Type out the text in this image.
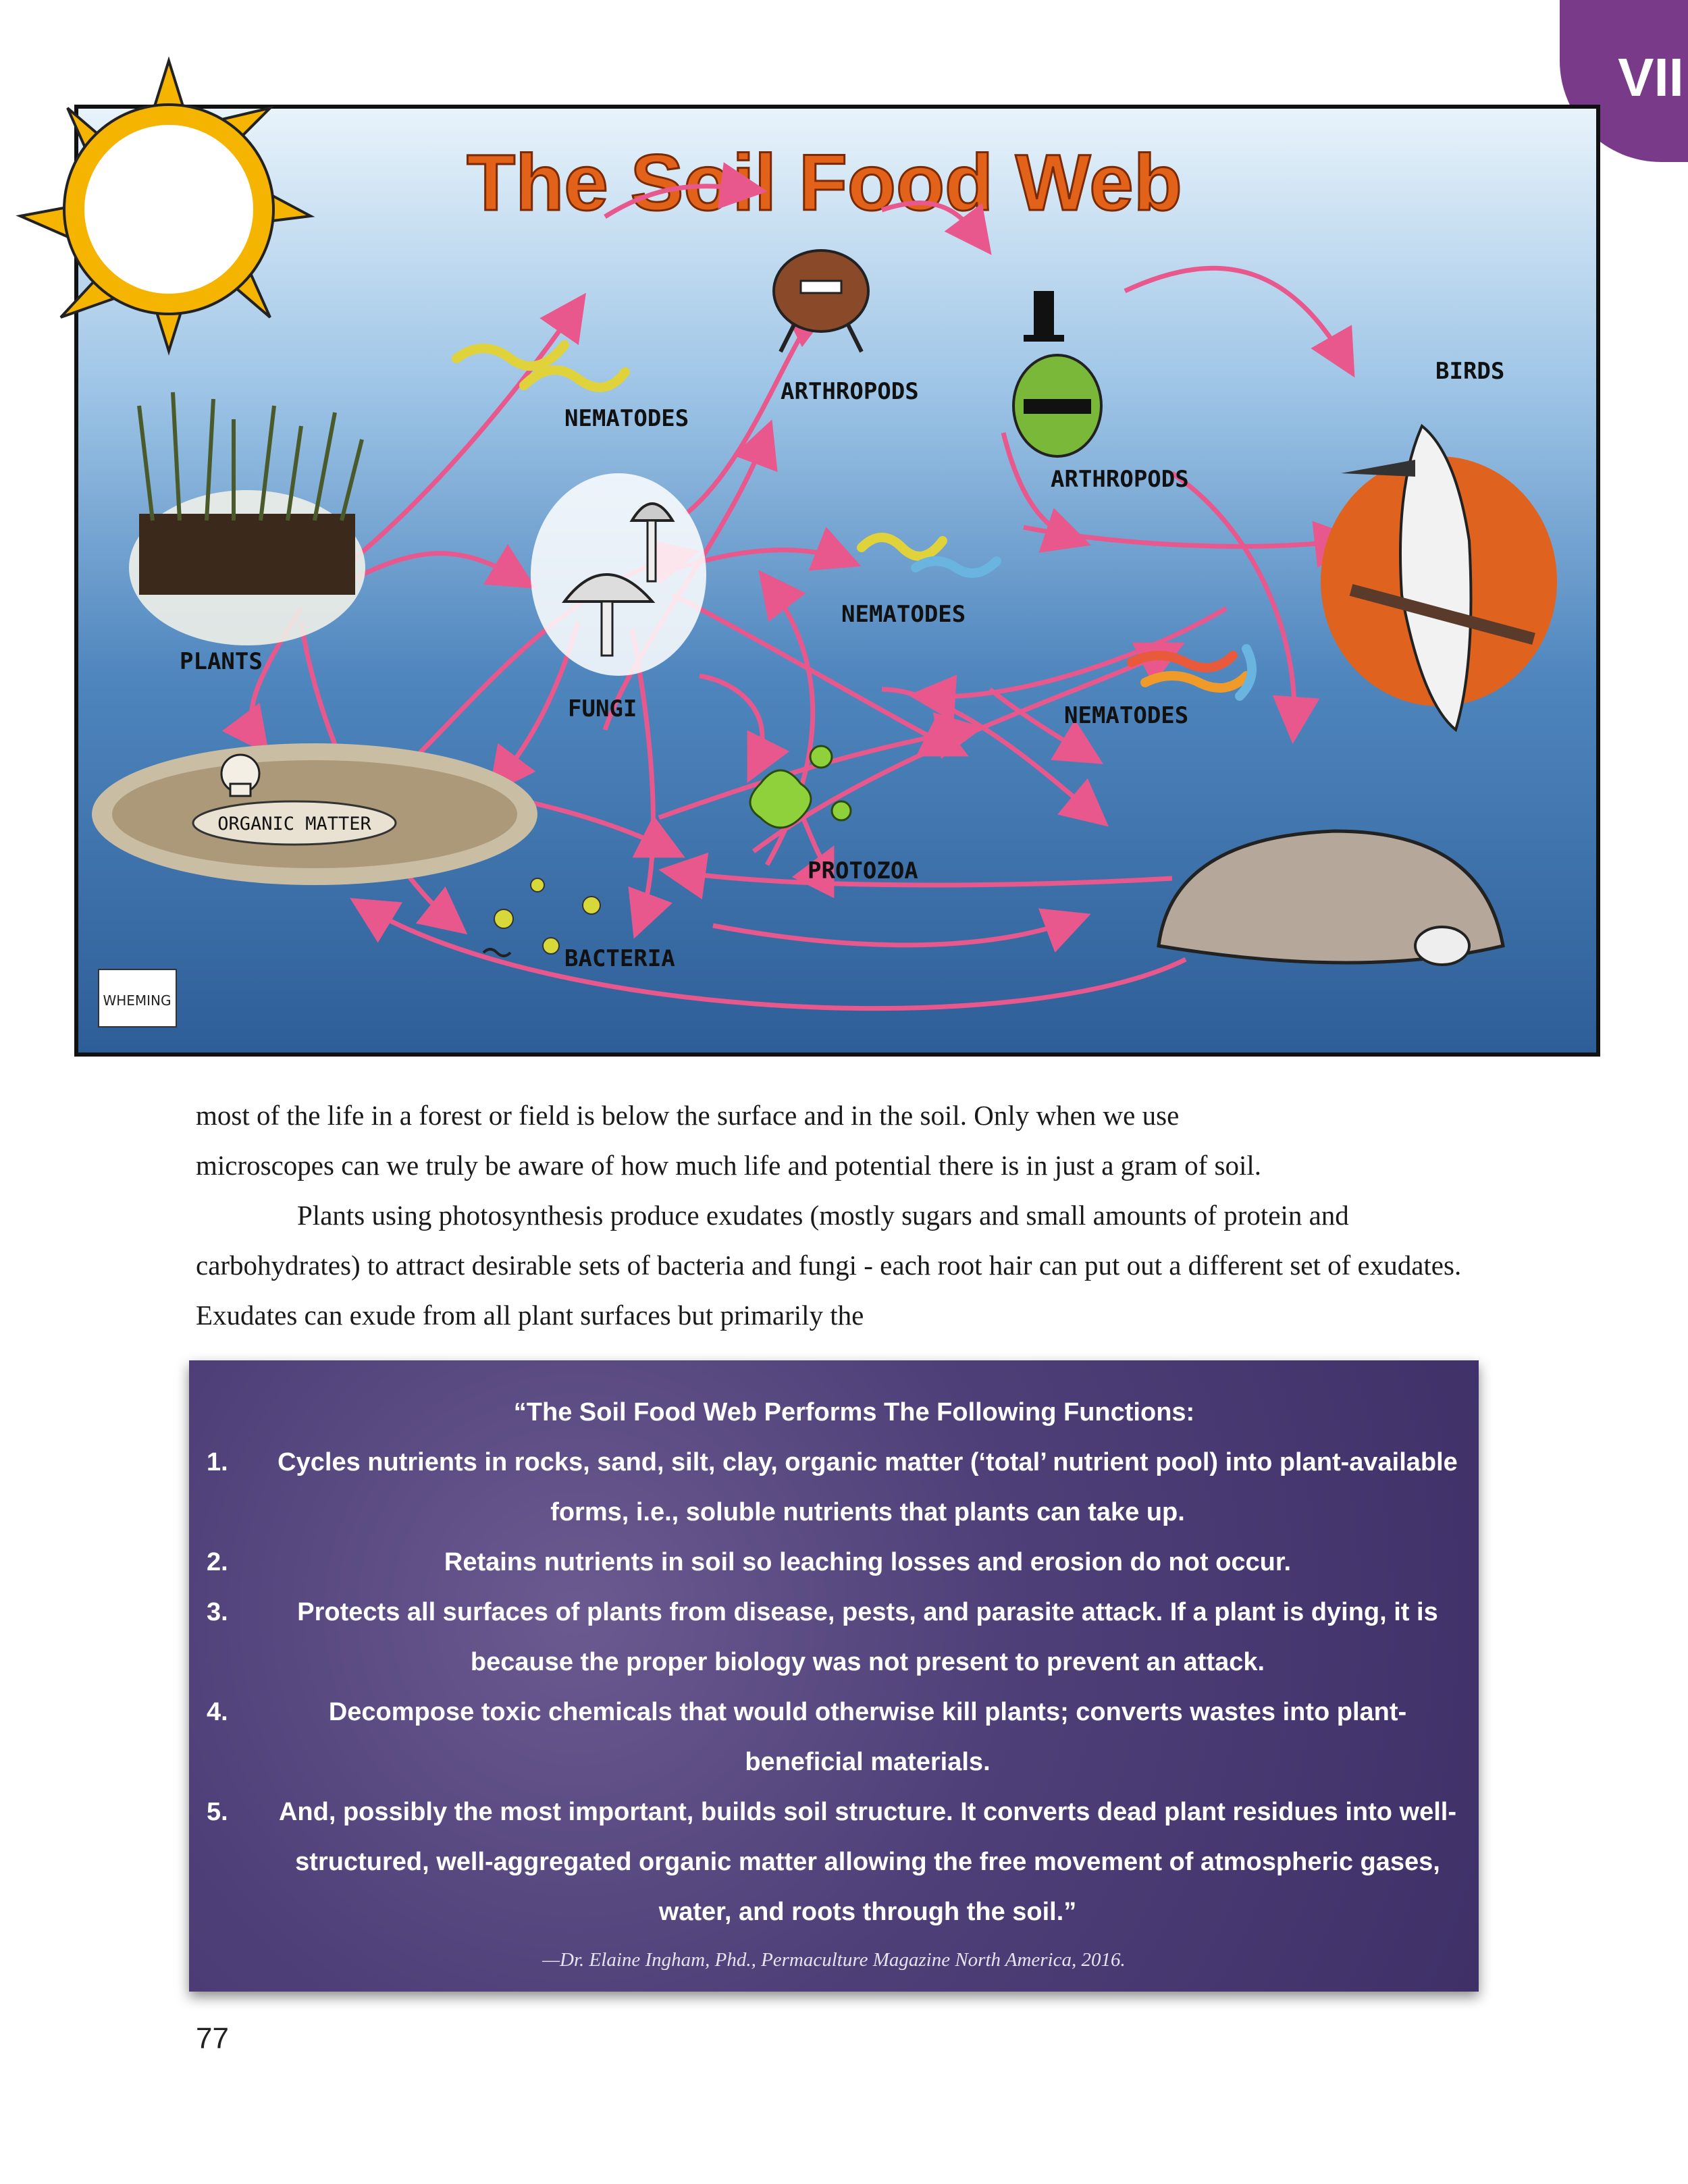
VII
The Soil Food Web
PLANTS
FUNGI
ORGANIC MATTER
BACTERIA
PROTOZOA
NEMATODES
NEMATODES
NEMATODES
ARTHROPODS
ARTHROPODS
BIRDS
WHEMING

most of the life in a forest or field is below the surface and in the soil. Only when we use

microscopes can we truly be aware of how much life and potential there is in just a gram of soil.

Plants using photosynthesis produce exudates (mostly sugars and small amounts of protein and carbohydrates) to attract desirable sets of bacteria and fungi - each root hair can put out a different set of exudates. Exudates can exude from all plant surfaces but primarily the

“The Soil Food Web Performs The Following Functions:
1.	Cycles nutrients in rocks, sand, silt, clay, organic matter (‘total’ nutrient pool) into plant-available forms, i.e., soluble nutrients that plants can take up.
2.	Retains nutrients in soil so leaching losses and erosion do not occur.
3.	Protects all surfaces of plants from disease, pests, and parasite attack. If a plant is dying, it is because the proper biology was not present to prevent an attack.
4.	Decompose toxic chemicals that would otherwise kill plants; converts wastes into plant-beneficial materials.
5.	And, possibly the most important, builds soil structure. It converts dead plant residues into well-structured, well-aggregated organic matter allowing the free movement of atmospheric gases, water, and roots through the soil.”
—Dr. Elaine Ingham, Phd., Permaculture Magazine North America, 2016.
77
